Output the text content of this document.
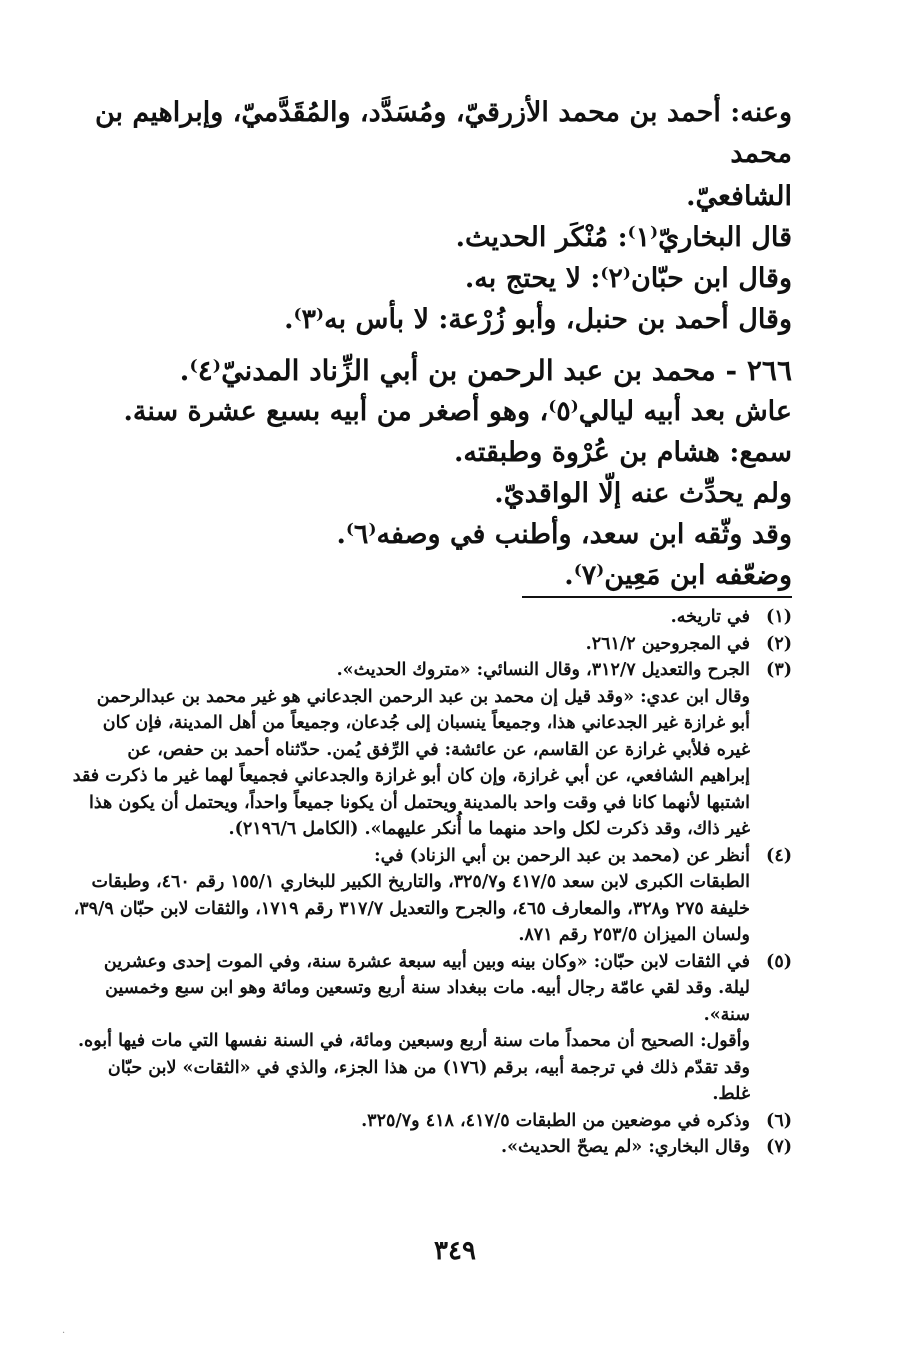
وعنه: أحمد بن محمد الأزرقيّ، ومُسَدَّد، والمُقَدَّميّ، وإبراهيم بن محمد

الشافعيّ.

قال البخاريّ⁽١⁾: مُنْكَر الحديث.

وقال ابن حبّان⁽٢⁾: لا يحتج به.

وقال أحمد بن حنبل، وأبو زُرْعة: لا بأس به⁽٣⁾.

٢٦٦ - محمد بن عبد الرحمن بن أبي الزِّناد المدنيّ⁽٤⁾.

عاش بعد أبيه ليالي⁽٥⁾، وهو أصغر من أبيه بسبع عشرة سنة.

سمع: هشام بن عُرْوة وطبقته.

ولم يحدِّث عنه إلّا الواقديّ.

وقد وثّقه ابن سعد، وأطنب في وصفه⁽٦⁾.

وضعّفه ابن مَعِين⁽٧⁾.

(١)

في تاريخه.

(٢)

في المجروحين ٢٦١/٢.

(٣)

الجرح والتعديل ٣١٢/٧، وقال النسائي: «متروك الحديث».

وقال ابن عدي: «وقد قيل إن محمد بن عبد الرحمن الجدعاني هو غير محمد بن عبدالرحمن أبو غرازة غير الجدعاني هذا، وجميعاً ينسبان إلى جُدعان، وجميعاً من أهل المدينة، فإن كان غيره فلأبي غرازة عن القاسم، عن عائشة: في الرِّفق يُمن. حدّثناه أحمد بن حفص، عن إبراهيم الشافعي، عن أبي غرازة، وإن كان أبو غرازة والجدعاني فجميعاً لهما غير ما ذكرت فقد اشتبها لأنهما كانا في وقت واحد بالمدينة ويحتمل أن يكونا جميعاً واحداً، ويحتمل أن يكون هذا غير ذاك، وقد ذكرت لكل واحد منهما ما أُنكر عليهما». (الكامل ٢١٩٦/٦).

(٤)

أنظر عن (محمد بن عبد الرحمن بن أبي الزناد) في:

الطبقات الكبرى لابن سعد ٤١٧/٥ و٣٢٥/٧، والتاريخ الكبير للبخاري ١٥٥/١ رقم ٤٦٠، وطبقات خليفة ٢٧٥ و٣٢٨، والمعارف ٤٦٥، والجرح والتعديل ٣١٧/٧ رقم ١٧١٩، والثقات لابن حبّان ٣٩/٩، ولسان الميزان ٢٥٣/٥ رقم ٨٧١.

(٥)

في الثقات لابن حبّان: «وكان بينه وبين أبيه سبعة عشرة سنة، وفي الموت إحدى وعشرين ليلة. وقد لقي عامّة رجال أبيه. مات ببغداد سنة أربع وتسعين ومائة وهو ابن سبع وخمسين سنة».

وأقول: الصحيح أن محمداً مات سنة أربع وسبعين ومائة، في السنة نفسها التي مات فيها أبوه. وقد تقدّم ذلك في ترجمة أبيه، برقم (١٧٦) من هذا الجزء، والذي في «الثقات» لابن حبّان غلط.

(٦)

وذكره في موضعين من الطبقات ٤١٧/٥، ٤١٨ و٣٢٥/٧.

(٧)

وقال البخاري: «لم يصحّ الحديث».

٣٤٩
·
